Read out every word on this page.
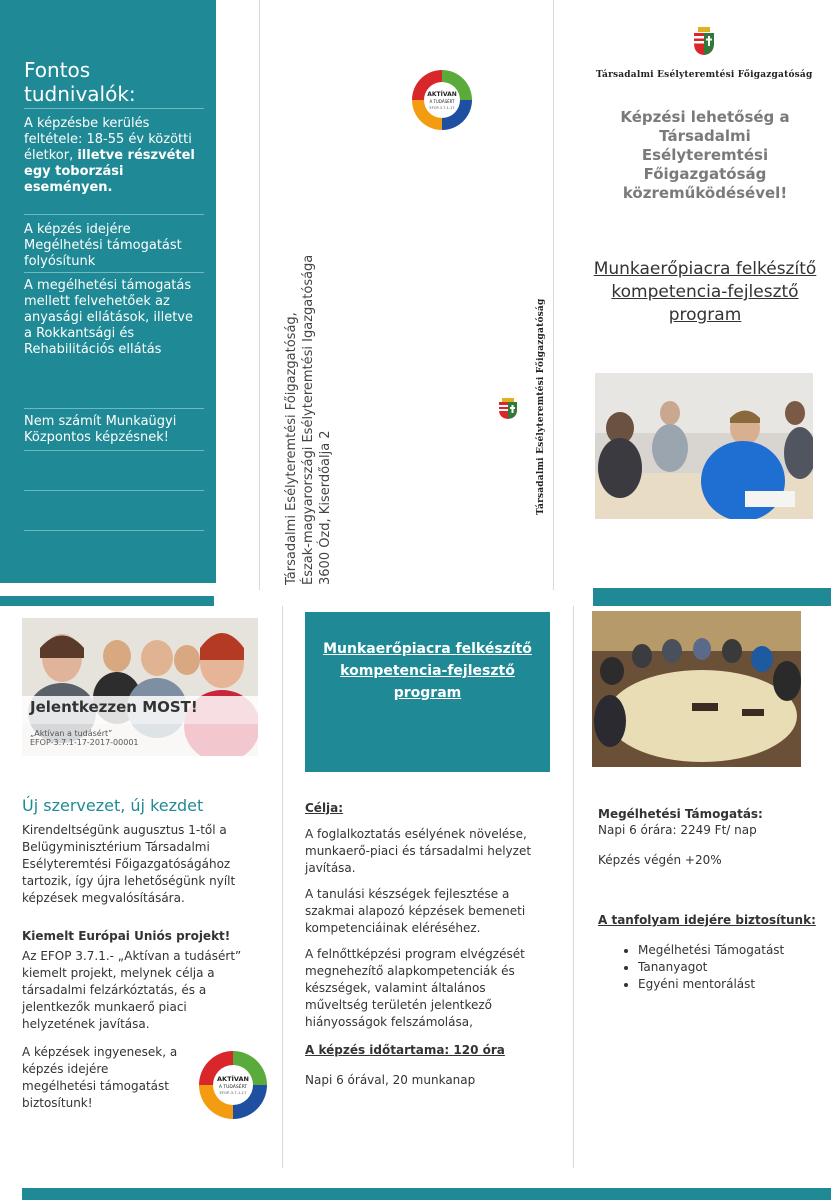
Fontos tudnivalók:
A képzésbe kerülés feltétele: 18-55 év közötti életkor, illetve részvétel egy toborzási eseményen.
A képzés idejére Megélhetési támogatást folyósítunk
A megélhetési támogatás mellett felvehetőek az anyasági ellátások, illetve a Rokkantsági és Rehabilitációs ellátás
Nem számít Munkaügyi Központos képzésnek!
AKTÍVAN
A TUDÁSÉRT
EFOP-3.7.1-17
Társadalmi Esélyteremtési Főigazgatóság, Észak-magyarországi Esélyteremtési Igazgatósága 3600 Ózd, Kiserdőalja 2	Társadalmi Esélyteremtési Főigazgatóság
Társadalmi Esélyteremtési Főigazgatóság
Képzési lehetőség a Társadalmi Esélyteremtési Főigazgatóság közreműködésével!
Munkaerőpiacra felkészítő kompetencia-fejlesztő program
Jelentkezzen MOST!
„Aktívan a tudásért”
EFOP-3.7.1-17-2017-00001
Új szervezet, új kezdet
Kirendeltségünk augusztus 1-től a Belügyminisztérium Társadalmi Esélyteremtési Főigazgatóságához tartozik, így újra lehetőségünk nyílt képzések megvalósítására.
Kiemelt Európai Uniós projekt!
Az EFOP 3.7.1.- „Aktívan a tudásért” kiemelt projekt, melynek célja a társadalmi felzárkóztatás, és a jelentkezők munkaerő piaci helyzetének javítása.
A képzések ingyenesek, a képzés idejére megélhetési támogatást biztosítunk!
AKTÍVAN
A TUDÁSÉRT
EFOP-3.7.1-17
Munkaerőpiacra felkészítő kompetencia-fejlesztő program
Célja:
A foglalkoztatás esélyének növelése, munkaerő-piaci és társadalmi helyzet javítása.
A tanulási készségek fejlesztése a szakmai alapozó képzések bemeneti kompetenciáinak eléréséhez.
A felnőttképzési program elvégzését megnehezítő alapkompetenciák és készségek, valamint általános műveltség területén jelentkező hiányosságok felszámolása,
A képzés időtartama: 120 óra
Napi 6 órával, 20 munkanap
Megélhetési Támogatás:
Napi 6 órára: 2249 Ft/ nap
Képzés végén +20%
A tanfolyam idejére biztosítunk:
• Megélhetési Támogatást
• Tananyagot
• Egyéni mentorálást
